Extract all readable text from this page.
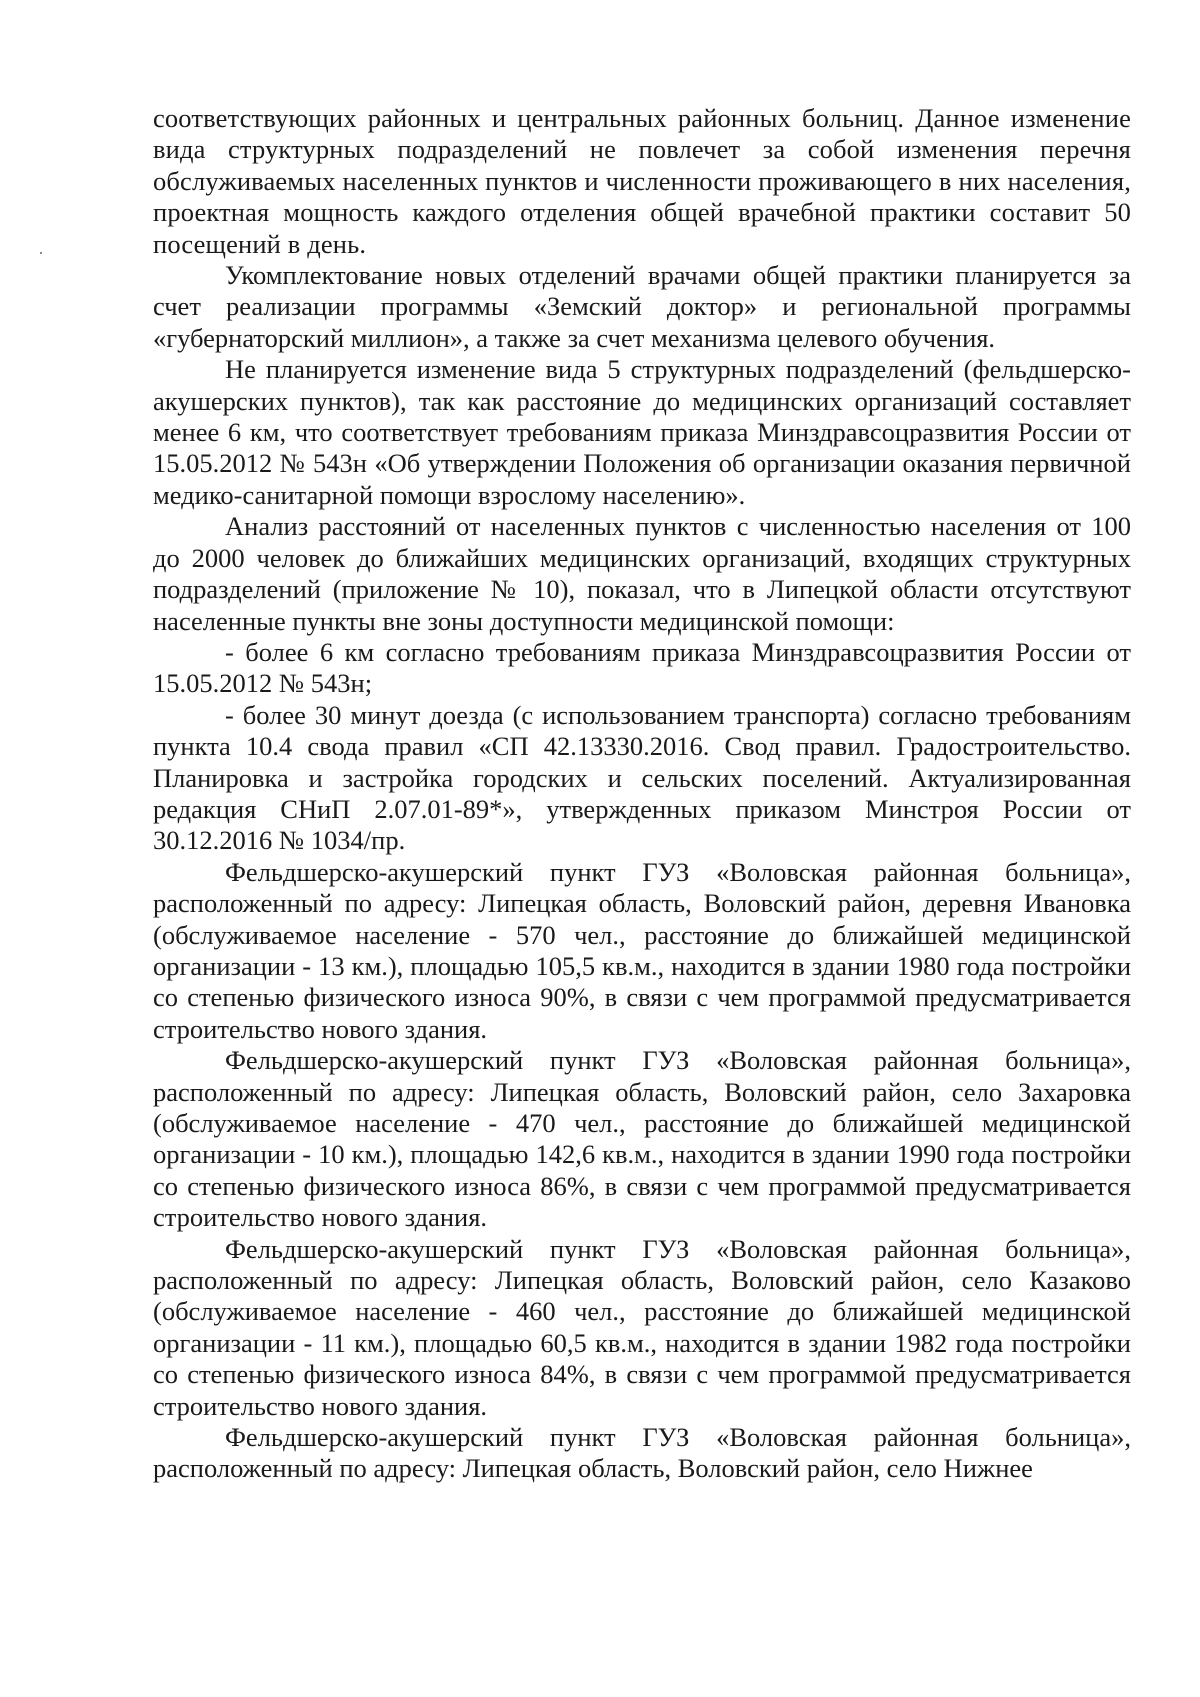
соответствующих районных и центральных районных больниц. Данное изменение вида структурных подразделений не повлечет за собой изменения перечня обслуживаемых населенных пунктов и численности проживающего в них населения, проектная мощность каждого отделения общей врачебной практики составит 50 посещений в день.

Укомплектование новых отделений врачами общей практики планируется за счет реализации программы «Земский доктор» и региональной программы «губернаторский миллион», а также за счет механизма целевого обучения.

Не планируется изменение вида 5 структурных подразделений (фельдшерско-акушерских пунктов), так как расстояние до медицинских организаций составляет менее 6 км, что соответствует требованиям приказа Минздравсоцразвития России от 15.05.2012 № 543н «Об утверждении Положения об организации оказания первичной медико-санитарной помощи взрослому населению».

Анализ расстояний от населенных пунктов с численностью населения от 100 до 2000 человек до ближайших медицинских организаций, входящих структурных подразделений (приложение № 10), показал, что в Липецкой области отсутствуют населенные пункты вне зоны доступности медицинской помощи:

- более 6 км согласно требованиям приказа Минздравсоцразвития России от 15.05.2012 № 543н;

- более 30 минут доезда (с использованием транспорта) согласно требованиям пункта 10.4 свода правил «СП 42.13330.2016. Свод правил. Градостроительство. Планировка и застройка городских и сельских поселений. Актуализированная редакция СНиП 2.07.01-89*», утвержденных приказом Минстроя России от 30.12.2016 № 1034/пр.

Фельдшерско-акушерский пункт ГУЗ «Воловская районная больница», расположенный по адресу: Липецкая область, Воловский район, деревня Ивановка (обслуживаемое население - 570 чел., расстояние до ближайшей медицинской организации - 13 км.), площадью 105,5 кв.м., находится в здании 1980 года постройки со степенью физического износа 90%, в связи с чем программой предусматривается строительство нового здания.

Фельдшерско-акушерский пункт ГУЗ «Воловская районная больница», расположенный по адресу: Липецкая область, Воловский район, село Захаровка (обслуживаемое население - 470 чел., расстояние до ближайшей медицинской организации - 10 км.), площадью 142,6 кв.м., находится в здании 1990 года постройки со степенью физического износа 86%, в связи с чем программой предусматривается строительство нового здания.

Фельдшерско-акушерский пункт ГУЗ «Воловская районная больница», расположенный по адресу: Липецкая область, Воловский район, село Казаково (обслуживаемое население - 460 чел., расстояние до ближайшей медицинской организации - 11 км.), площадью 60,5 кв.м., находится в здании 1982 года постройки со степенью физического износа 84%, в связи с чем программой предусматривается строительство нового здания.

Фельдшерско-акушерский пункт ГУЗ «Воловская районная больница», расположенный по адресу: Липецкая область, Воловский район, село Нижнее
